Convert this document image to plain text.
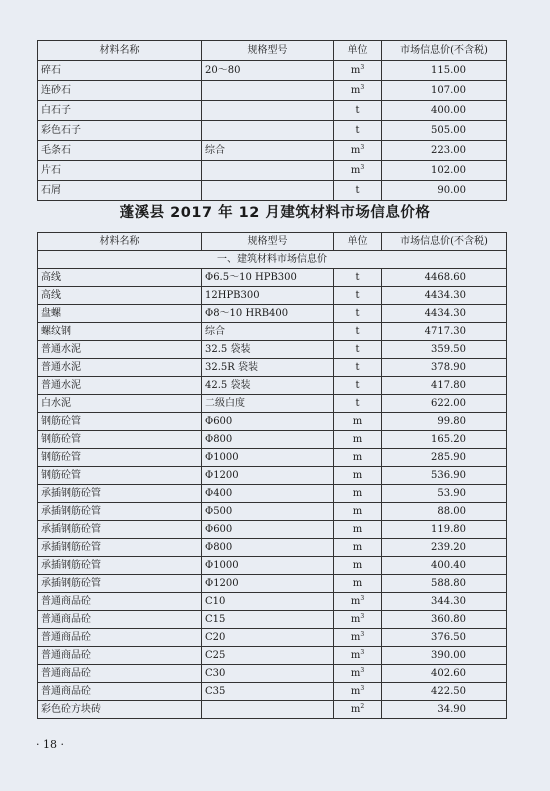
材料名称	规格型号	单位	市场信息价(不含税)
碎石	20～80	$m^3$	115.00
连砂石		$m^3$	107.00
白石子		t	400.00
彩色石子		t	505.00
毛条石	综合	$m^3$	223.00
片石		$m^3$	102.00
石屑		t	90.00
蓬溪县 2017 年 12 月建筑材料市场信息价格
材料名称	规格型号	单位	市场信息价(不含税)
一、建筑材料市场信息价			
高线	Φ6.5～10 HPB300	t	4468.60
高线	12HPB300	t	4434.30
盘螺	Φ8～10 HRB400	t	4434.30
螺纹钢	综合	t	4717.30
普通水泥	32.5 袋装	t	359.50
普通水泥	32.5R 袋装	t	378.90
普通水泥	42.5 袋装	t	417.80
白水泥	二级白度	t	622.00
钢筋砼管	Φ600	m	99.80
钢筋砼管	Φ800	m	165.20
钢筋砼管	Φ1000	m	285.90
钢筋砼管	Φ1200	m	536.90
承插钢筋砼管	Φ400	m	53.90
承插钢筋砼管	Φ500	m	88.00
承插钢筋砼管	Φ600	m	119.80
承插钢筋砼管	Φ800	m	239.20
承插钢筋砼管	Φ1000	m	400.40
承插钢筋砼管	Φ1200	m	588.80
普通商品砼	C10	$m^3$	344.30
普通商品砼	C15	$m^3$	360.80
普通商品砼	C20	$m^3$	376.50
普通商品砼	C25	$m^3$	390.00
普通商品砼	C30	$m^3$	402.60
普通商品砼	C35	$m^3$	422.50
彩色砼方块砖		$m^2$	34.90
· 18 ·
